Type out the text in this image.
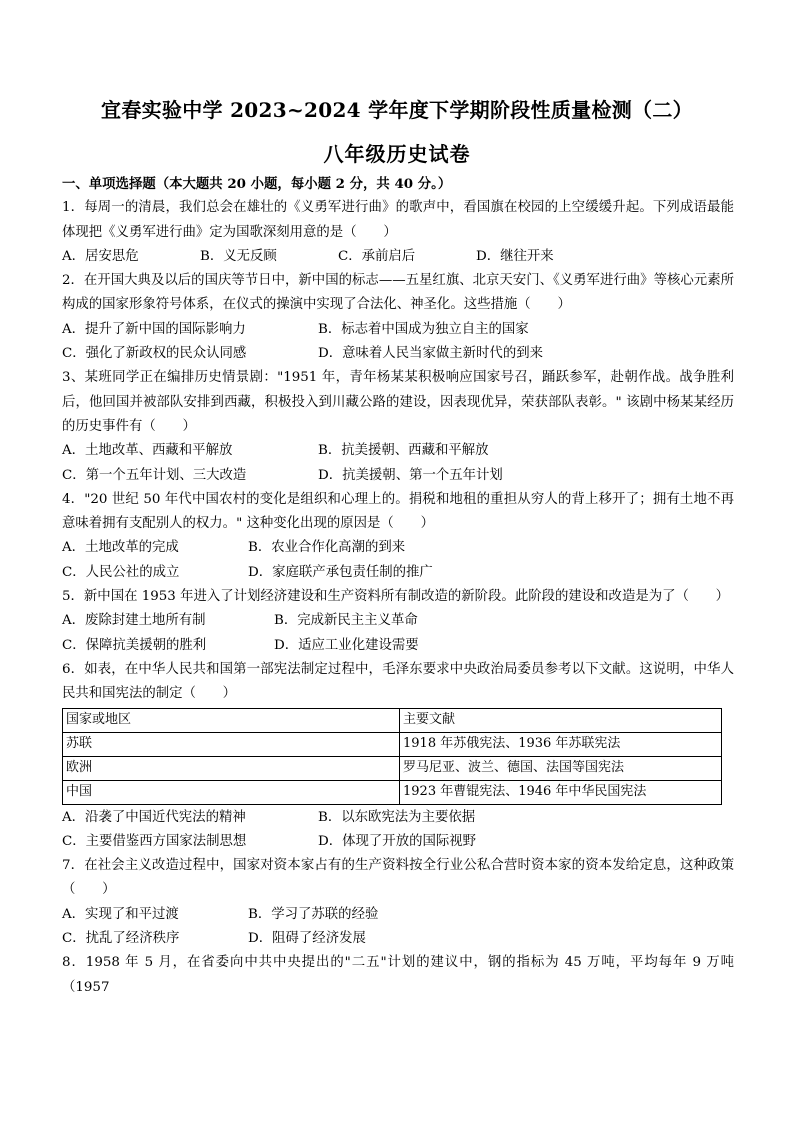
宜春实验中学 2023~2024 学年度下学期阶段性质量检测（二）
八年级历史试卷

一、单项选择题（本大题共 20 小题，每小题 2 分，共 40 分。）

1．每周一的清晨，我们总会在雄壮的《义勇军进行曲》的歌声中，看国旗在校园的上空缓缓升起。下列成语最能体现把《义勇军进行曲》定为国歌深刻用意的是（　　）

A．居安思危	B．义无反顾	C．承前启后	D．继往开来

2．在开国大典及以后的国庆等节日中，新中国的标志——五星红旗、北京天安门、《义勇军进行曲》等核心元素所构成的国家形象符号体系，在仪式的操演中实现了合法化、神圣化。这些措施（　　）

A．提升了新中国的国际影响力	B．标志着中国成为独立自主的国家

C．强化了新政权的民众认同感	D．意味着人民当家做主新时代的到来

3、某班同学正在编排历史情景剧："1951 年，青年杨某某积极响应国家号召，踊跃参军，赴朝作战。战争胜利后，他回国并被部队安排到西藏，积极投入到川藏公路的建设，因表现优异，荣获部队表彰。" 该剧中杨某某经历的历史事件有（　　）

A．土地改革、西藏和平解放	B．抗美援朝、西藏和平解放

C．第一个五年计划、三大改造	D．抗美援朝、第一个五年计划

4．"20 世纪 50 年代中国农村的变化是组织和心理上的。捐税和地租的重担从穷人的背上移开了；拥有土地不再意味着拥有支配别人的权力。" 这种变化出现的原因是（　　）

A．土地改革的完成	B．农业合作化高潮的到来

C．人民公社的成立	D．家庭联产承包责任制的推广

5．新中国在 1953 年进入了计划经济建设和生产资料所有制改造的新阶段。此阶段的建设和改造是为了（　　）

A．废除封建土地所有制	B．完成新民主主义革命

C．保障抗美援朝的胜利	D．适应工业化建设需要

6．如表，在中华人民共和国第一部宪法制定过程中，毛泽东要求中央政治局委员参考以下文献。这说明，中华人民共和国宪法的制定（　　）

国家或地区	主要文献
苏联	1918 年苏俄宪法、1936 年苏联宪法
欧洲	罗马尼亚、波兰、德国、法国等国宪法
中国	1923 年曹锟宪法、1946 年中华民国宪法

A．沿袭了中国近代宪法的精神	B．以东欧宪法为主要依据

C．主要借鉴西方国家法制思想	D．体现了开放的国际视野

7．在社会主义改造过程中，国家对资本家占有的生产资料按全行业公私合营时资本家的资本发给定息，这种政策（　　）

A．实现了和平过渡	B．学习了苏联的经验

C．扰乱了经济秩序	D．阻碍了经济发展

8．1958 年 5 月，在省委向中共中央提出的"二五"计划的建议中，钢的指标为 45 万吨，平均每年 9 万吨（1957
